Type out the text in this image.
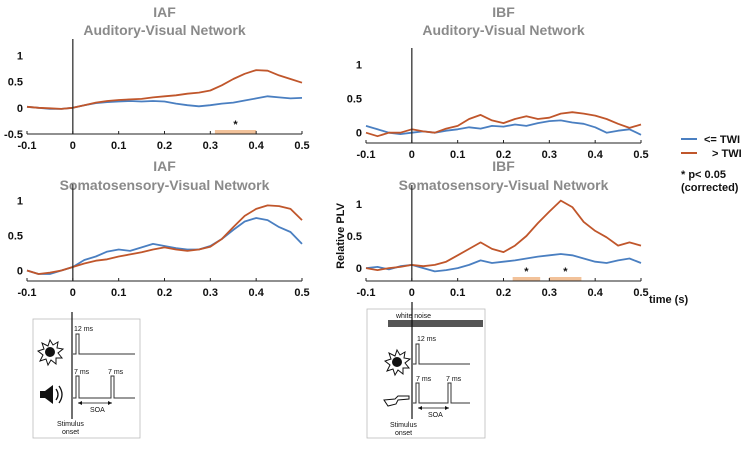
IAF
Auditory-Visual Network
*
-0.1	0	0.1	0.2	0.3	0.4	0.5
-0.5
0
0.5
1
IBF
Auditory-Visual Network
-0.1	0	0.1	0.2	0.3	0.4	0.5
0
0.5
1
IAF
Somatosensory-Visual Network
-0.1	0	0.1	0.2	0.3	0.4	0.5
0
0.5
1
IBF
Somatosensory-Visual Network
*	*
-0.1	0	0.1	0.2	0.3	0.4	0.5
0
0.5
1
Relative PLV
time (s)
<= TWI
> TWI
* p< 0.05
(corrected)
12 ms
7 ms	7 ms
SOA
Stimulus
onset
white noise
12 ms
7 ms 7 ms
SOA
Stimulus
onset
